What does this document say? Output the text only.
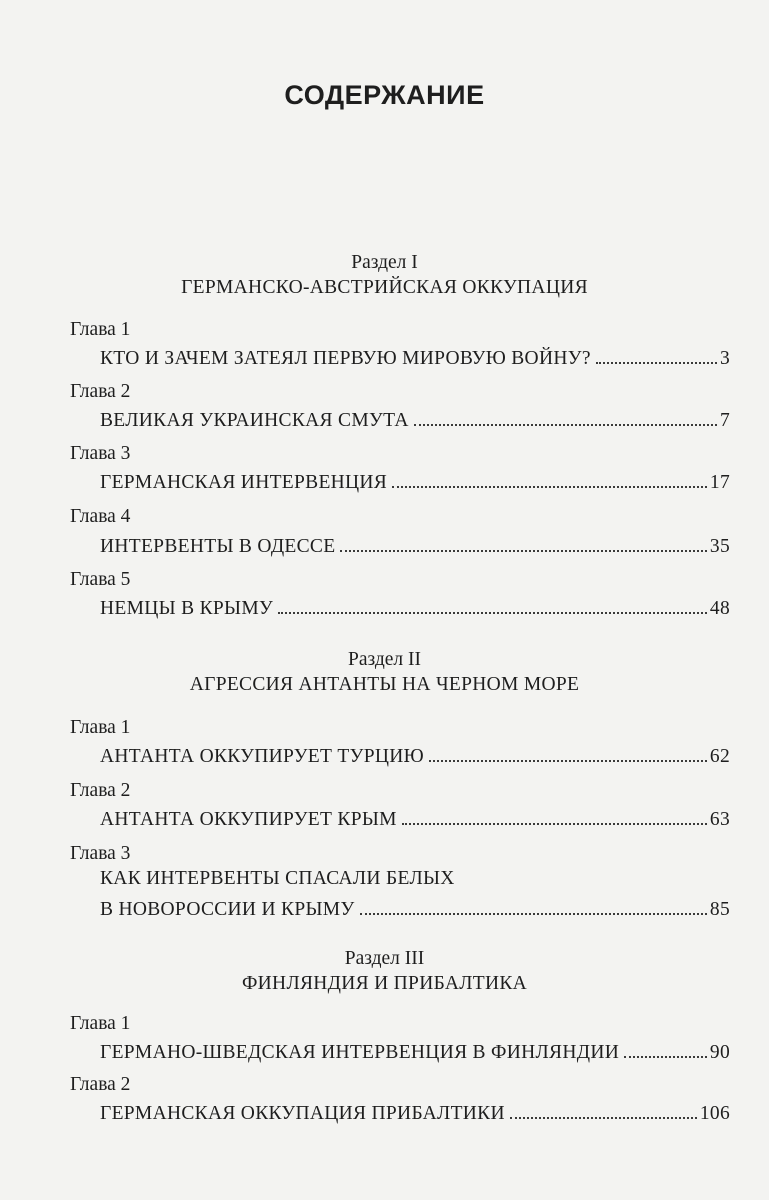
СОДЕРЖАНИЕ
Раздел I
ГЕРМАНСКО-АВСТРИЙСКАЯ ОККУПАЦИЯ
Глава 1
КТО И ЗАЧЕМ ЗАТЕЯЛ ПЕРВУЮ МИРОВУЮ ВОЙНУ?	3
Глава 2
ВЕЛИКАЯ УКРАИНСКАЯ СМУТА	7
Глава 3
ГЕРМАНСКАЯ ИНТЕРВЕНЦИЯ	17
Глава 4
ИНТЕРВЕНТЫ В ОДЕССЕ	35
Глава 5
НЕМЦЫ В КРЫМУ	48
Раздел II
АГРЕССИЯ АНТАНТЫ НА ЧЕРНОМ МОРЕ
Глава 1
АНТАНТА ОККУПИРУЕТ ТУРЦИЮ	62
Глава 2
АНТАНТА ОККУПИРУЕТ КРЫМ	63
Глава 3
КАК ИНТЕРВЕНТЫ СПАСАЛИ БЕЛЫХ
В НОВОРОССИИ И КРЫМУ	85
Раздел III
ФИНЛЯНДИЯ И ПРИБАЛТИКА
Глава 1
ГЕРМАНО-ШВЕДСКАЯ ИНТЕРВЕНЦИЯ В ФИНЛЯНДИИ	90
Глава 2
ГЕРМАНСКАЯ ОККУПАЦИЯ ПРИБАЛТИКИ	106
